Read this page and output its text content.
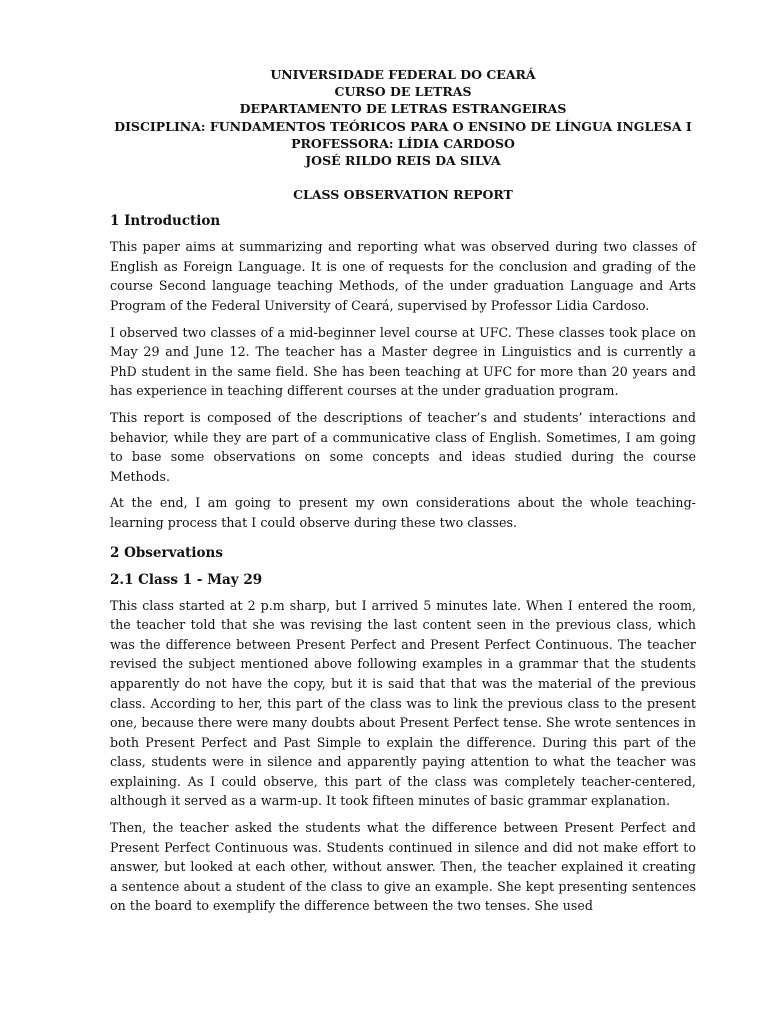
UNIVERSIDADE FEDERAL DO CEARÁ
CURSO DE LETRAS
DEPARTAMENTO DE LETRAS ESTRANGEIRAS
DISCIPLINA: FUNDAMENTOS TEÓRICOS PARA O ENSINO DE LÍNGUA INGLESA I
PROFESSORA: LÍDIA CARDOSO
JOSÉ RILDO REIS DA SILVA
CLASS OBSERVATION REPORT
1 Introduction

This paper aims at summarizing and reporting what was observed during two classes of English as Foreign Language. It is one of requests for the conclusion and grading of the course Second language teaching Methods, of the under graduation Language and Arts Program of the Federal University of Ceará, supervised by Professor Lidia Cardoso.

I observed two classes of a mid-beginner level course at UFC. These classes took place on May 29 and June 12. The teacher has a Master degree in Linguistics and is currently a PhD student in the same field. She has been teaching at UFC for more than 20 years and has experience in teaching different courses at the under graduation program.

This report is composed of the descriptions of teacher’s and students’ interactions and behavior, while they are part of a communicative class of English. Sometimes, I am going to base some observations on some concepts and ideas studied during the course Methods.

At the end, I am going to present my own considerations about the whole teaching-learning process that I could observe during these two classes.

2 Observations
2.1 Class 1 - May 29

This class started at 2 p.m sharp, but I arrived 5 minutes late. When I entered the room, the teacher told that she was revising the last content seen in the previous class, which was the difference between Present Perfect and Present Perfect Continuous. The teacher revised the subject mentioned above following examples in a grammar that the students apparently do not have the copy, but it is said that that was the material of the previous class. According to her, this part of the class was to link the previous class to the present one, because there were many doubts about Present Perfect tense. She wrote sentences in both Present Perfect and Past Simple to explain the difference. During this part of the class, students were in silence and apparently paying attention to what the teacher was explaining. As I could observe, this part of the class was completely teacher-centered, although it served as a warm-up. It took fifteen minutes of basic grammar explanation.

Then, the teacher asked the students what the difference between Present Perfect and Present Perfect Continuous was. Students continued in silence and did not make effort to answer, but looked at each other, without answer. Then, the teacher explained it creating a sentence about a student of the class to give an example. She kept presenting sentences on the board to exemplify the difference between the two tenses. She used
